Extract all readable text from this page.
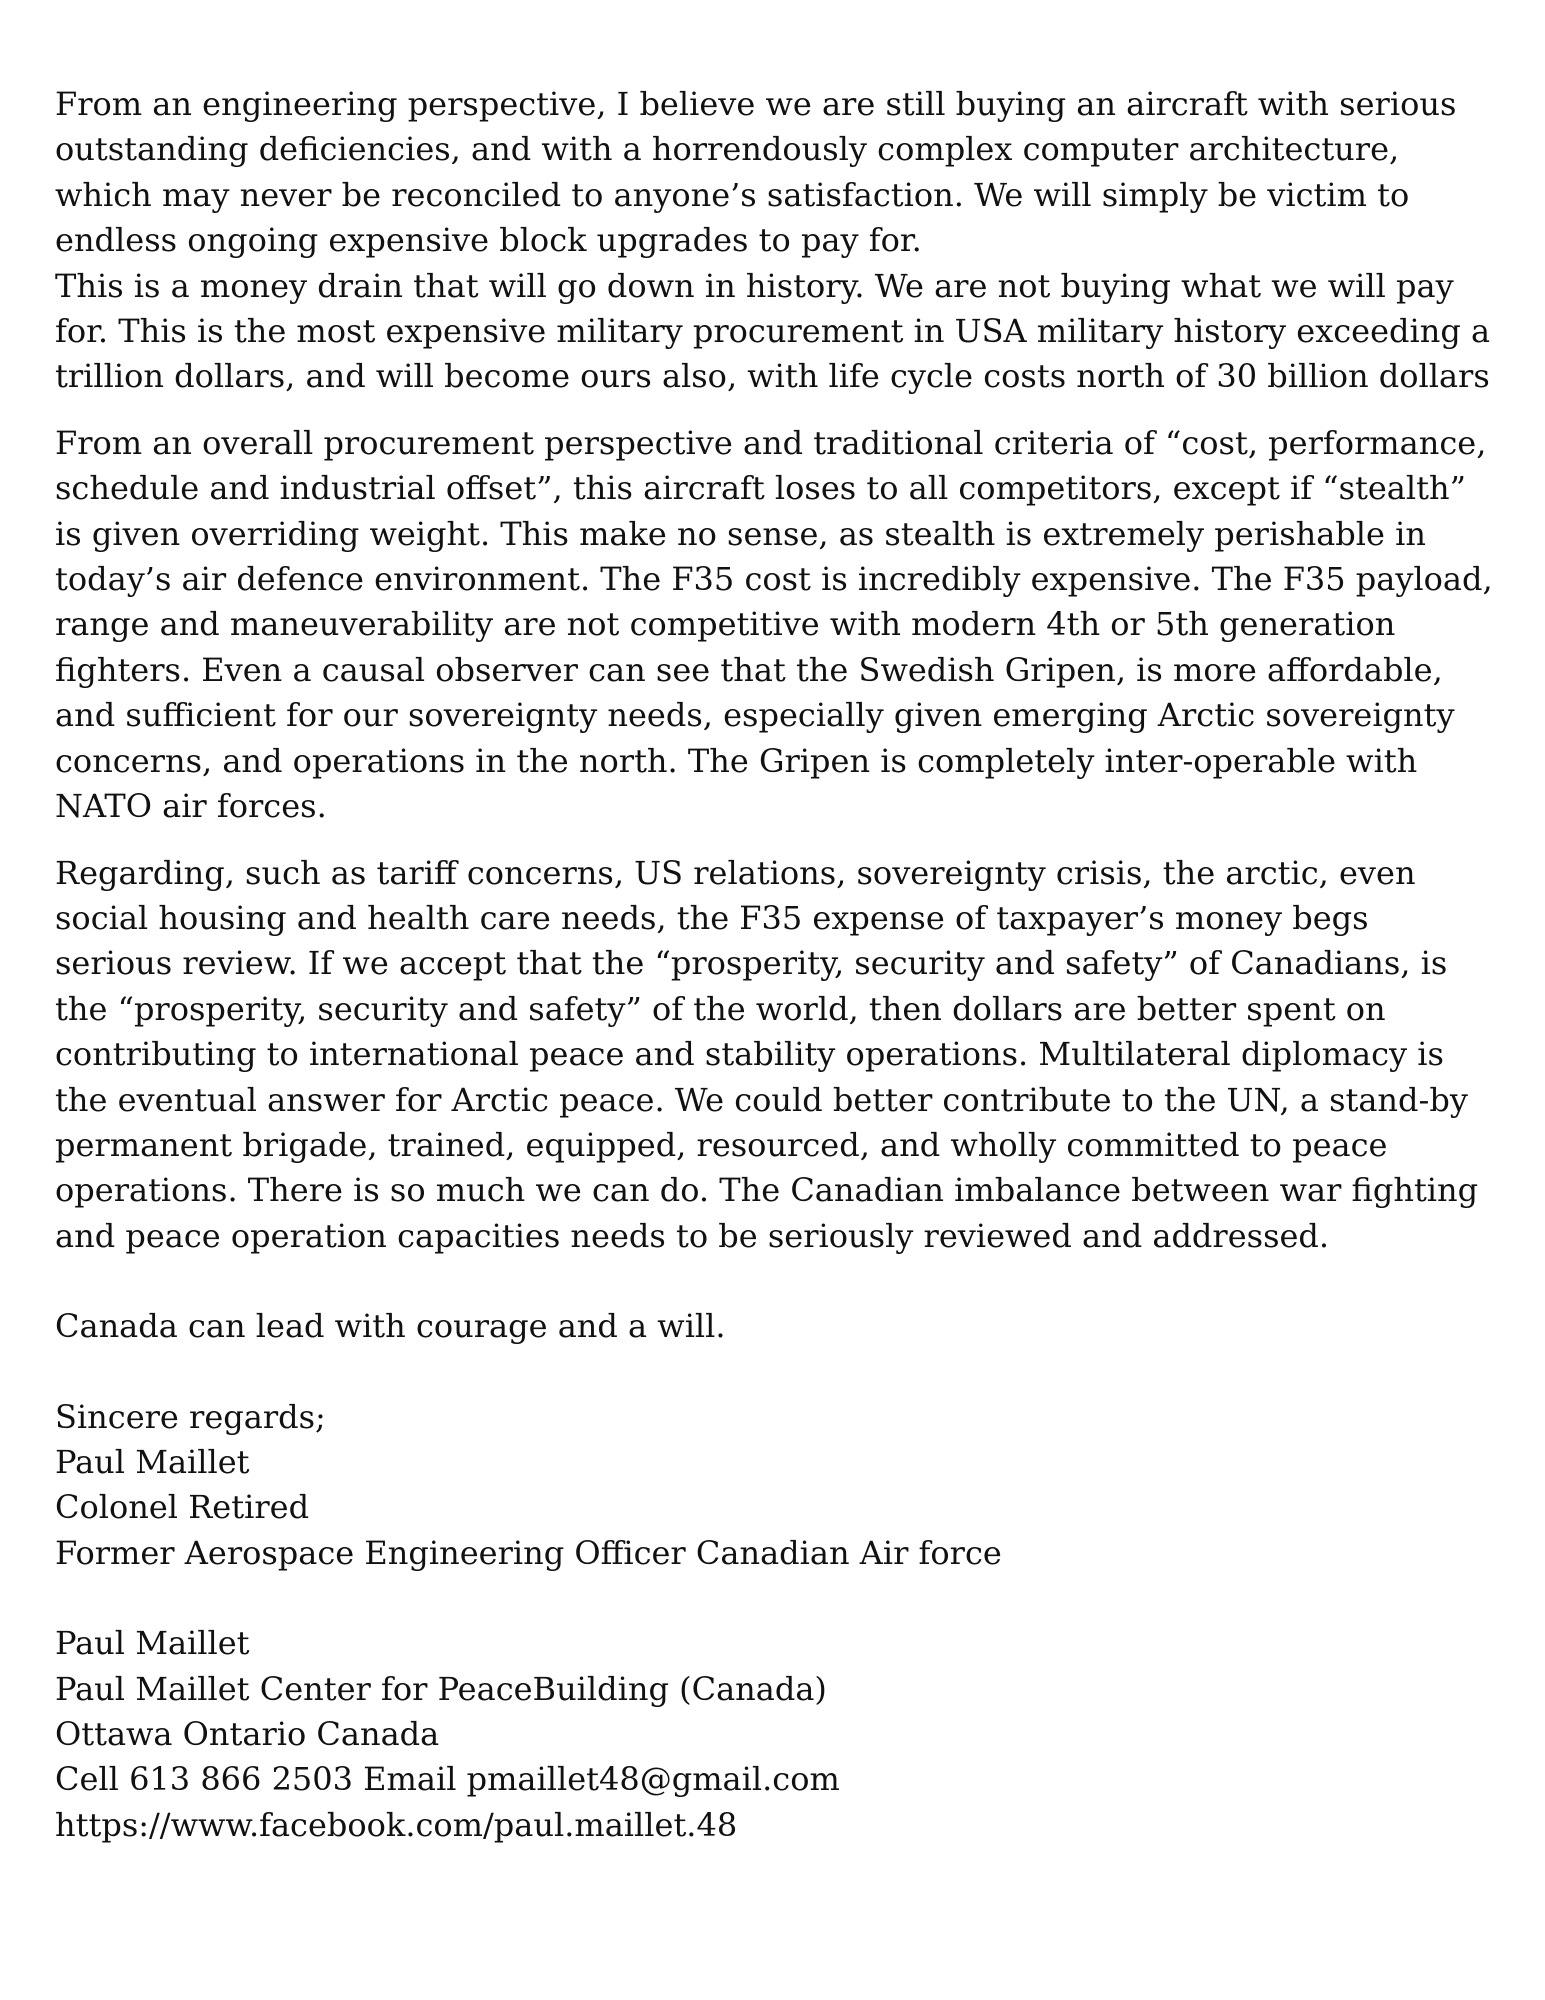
From an engineering perspective, I believe we are still buying an aircraft with serious outstanding deficiencies, and with a horrendously complex computer architecture, which may never be reconciled to anyone’s satisfaction. We will simply be victim to endless ongoing expensive block upgrades to pay for.
This is a money drain that will go down in history. We are not buying what we will pay for. This is the most expensive military procurement in USA military history exceeding a trillion dollars, and will become ours also, with life cycle costs north of 30 billion dollars

From an overall procurement perspective and traditional criteria of “cost, performance, schedule and industrial offset”, this aircraft loses to all competitors, except if “stealth” is given overriding weight. This make no sense, as stealth is extremely perishable in today’s air defence environment. The F35 cost is incredibly expensive. The F35 payload, range and maneuverability are not competitive with modern 4th or 5th generation fighters. Even a causal observer can see that the Swedish Gripen, is more affordable, and sufficient for our sovereignty needs, especially given emerging Arctic sovereignty concerns, and operations in the north. The Gripen is completely inter-operable with NATO air forces.

Regarding, such as tariff concerns, US relations, sovereignty crisis, the arctic, even social housing and health care needs, the F35 expense of taxpayer’s money begs serious review. If we accept that the “prosperity, security and safety” of Canadians, is the “prosperity, security and safety” of the world, then dollars are better spent on contributing to international peace and stability operations. Multilateral diplomacy is the eventual answer for Arctic peace. We could better contribute to the UN, a stand-by permanent brigade, trained, equipped, resourced, and wholly committed to peace operations. There is so much we can do. The Canadian imbalance between war fighting and peace operation capacities needs to be seriously reviewed and addressed.

Canada can lead with courage and a will.

Sincere regards;
Paul Maillet
Colonel Retired
Former Aerospace Engineering Officer Canadian Air force
Paul Maillet
Paul Maillet Center for PeaceBuilding (Canada)
Ottawa Ontario Canada
Cell 613 866 2503 Email pmaillet48@gmail.com
https://www.facebook.com/paul.maillet.48
